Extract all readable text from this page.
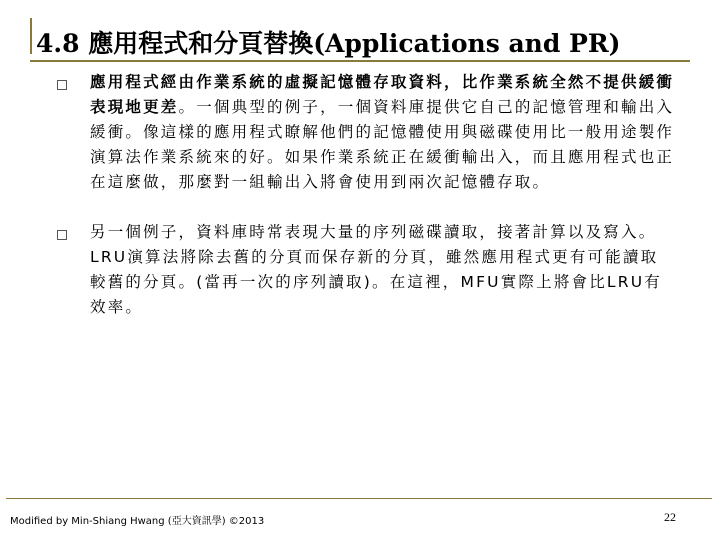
4.8 應用程式和分頁替換(Applications and PR)
應用程式經由作業系統的虛擬記憶體存取資料，比作業系統全然不提供緩衝表現地更差。一個典型的例子，一個資料庫提供它自己的記憶管理和輸出入緩衝。像這樣的應用程式瞭解他們的記憶體使用與磁碟使用比一般用途製作演算法作業系統來的好。如果作業系統正在緩衝輸出入，而且應用程式也正在這麼做，那麼對一組輸出入將會使用到兩次記憶體存取。
另一個例子，資料庫時常表現大量的序列磁碟讀取，接著計算以及寫入。LRU演算法將除去舊的分頁而保存新的分頁，雖然應用程式更有可能讀取較舊的分頁。(當再一次的序列讀取)。在這裡，MFU實際上將會比LRU有效率。
Modified by Min-Shiang Hwang (亞大資訊學) ©2013	22
